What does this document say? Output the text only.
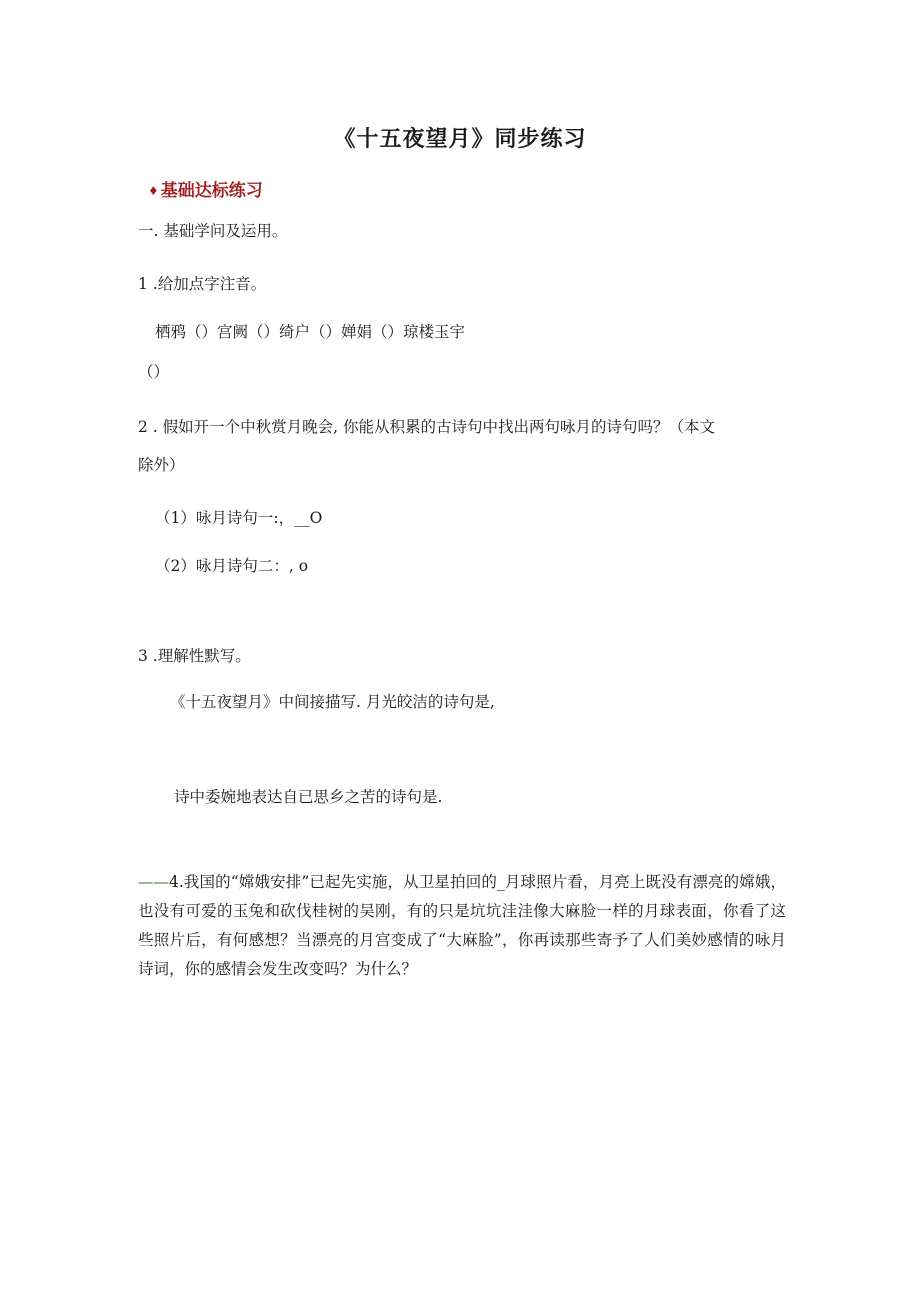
《十五夜望月》同步练习
♦ 基础达标练习
一. 基础学问及运用。
1 .给加点字注音。
栖鸦（）宫阙（）绮户（）婵娟（）琼楼玉宇
（）
2 . 假如开一个中秋赏月晚会, 你能从积累的古诗句中找出两句咏月的诗句吗？（本文
除外）
（1）咏月诗句一:，__O
（2）咏月诗句二：, o
3 .理解性默写。
《十五夜望月》中间接描写. 月光皎洁的诗句是,
诗中委婉地表达自已思乡之苦的诗句是.
——4.我国的“嫦娥安排”已起先实施，从卫星拍回的_月球照片看，月亮上既没有漂亮的嫦娥，也没有可爱的玉兔和砍伐桂树的吴刚，有的只是坑坑洼洼像大麻脸一样的月球表面，你看了这些照片后，有何感想？当漂亮的月宫变成了“大麻脸”，你再读那些寄予了人们美妙感情的咏月诗词，你的感情会发生改变吗？为什么？
